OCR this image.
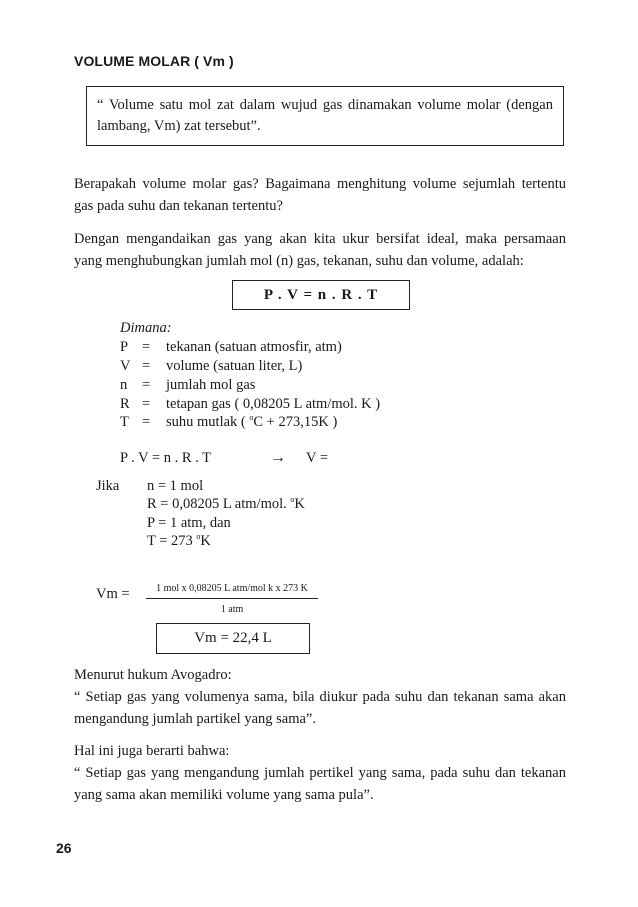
VOLUME MOLAR ( Vm )
“ Volume satu mol zat dalam wujud gas dinamakan volume molar (dengan
lambang, Vm) zat tersebut”.
Berapakah volume molar gas? Bagaimana menghitung volume sejumlah tertentu
gas pada suhu dan tekanan tertentu?
Dengan mengandaikan gas yang akan kita ukur bersifat ideal, maka persamaan
yang menghubungkan jumlah mol (n) gas, tekanan, suhu dan volume, adalah:
P . V = n . R . T
Dimana:
P = tekanan (satuan atmosfir, atm)
V = volume (satuan liter, L)
n = jumlah mol gas
R = tetapan gas ( 0,08205 L atm/mol. K )
T = suhu mutlak ( $^o$C + 273,15K )
P . V = n . R . T	→ V =
Jika n = 1 mol
R = 0,08205 L atm/mol. $^o$K
P = 1 atm, dan
T = 273 $^o$K
Vm =	1 mol x 0,08205 L atm/mol k x 273 K
1 atm
Vm = 22,4 L
Menurut hukum Avogadro:
“ Setiap gas yang volumenya sama, bila diukur pada suhu dan tekanan sama akan
mengandung jumlah partikel yang sama”.
Hal ini juga berarti bahwa:
“ Setiap gas yang mengandung jumlah pertikel yang sama, pada suhu dan tekanan
yang sama akan memiliki volume yang sama pula”.
26
